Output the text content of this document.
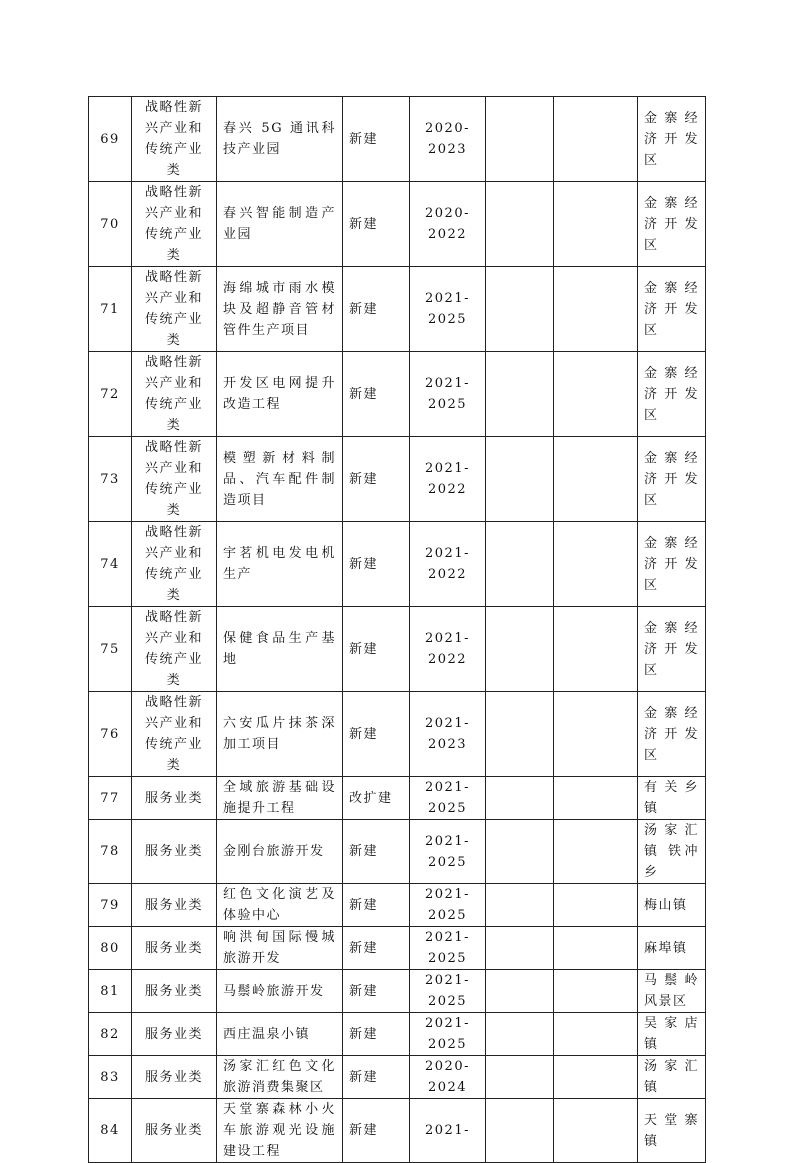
69	战略性新兴产业和传统产业类	春兴 5G 通讯科技产业园	新建	2020-2023			金寨经济开发区
70	战略性新兴产业和传统产业类	春兴智能制造产业园	新建	2020-2022			金寨经济开发区
71	战略性新兴产业和传统产业类	海绵城市雨水模块及超静音管材管件生产项目	新建	2021-2025			金寨经济开发区
72	战略性新兴产业和传统产业类	开发区电网提升改造工程	新建	2021-2025			金寨经济开发区
73	战略性新兴产业和传统产业类	模塑新材料制品、汽车配件制造项目	新建	2021-2022			金寨经济开发区
74	战略性新兴产业和传统产业类	宇茗机电发电机生产	新建	2021-2022			金寨经济开发区
75	战略性新兴产业和传统产业类	保健食品生产基地	新建	2021-2022			金寨经济开发区
76	战略性新兴产业和传统产业类	六安瓜片抹茶深加工项目	新建	2021-2023			金寨经济开发区
77	服务业类	全域旅游基础设施提升工程	改扩建	2021-2025			有关乡镇
78	服务业类	金刚台旅游开发	新建	2021-2025			汤家汇镇 铁冲乡
79	服务业类	红色文化演艺及体验中心	新建	2021-2025			梅山镇
80	服务业类	响洪甸国际慢城旅游开发	新建	2021-2025			麻埠镇
81	服务业类	马鬃岭旅游开发	新建	2021-2025			马鬃岭风景区
82	服务业类	西庄温泉小镇	新建	2021-2025			吴家店镇
83	服务业类	汤家汇红色文化旅游消费集聚区	新建	2020-2024			汤家汇镇
84	服务业类	天堂寨森林小火车旅游观光设施建设工程	新建	2021-			天堂寨镇
